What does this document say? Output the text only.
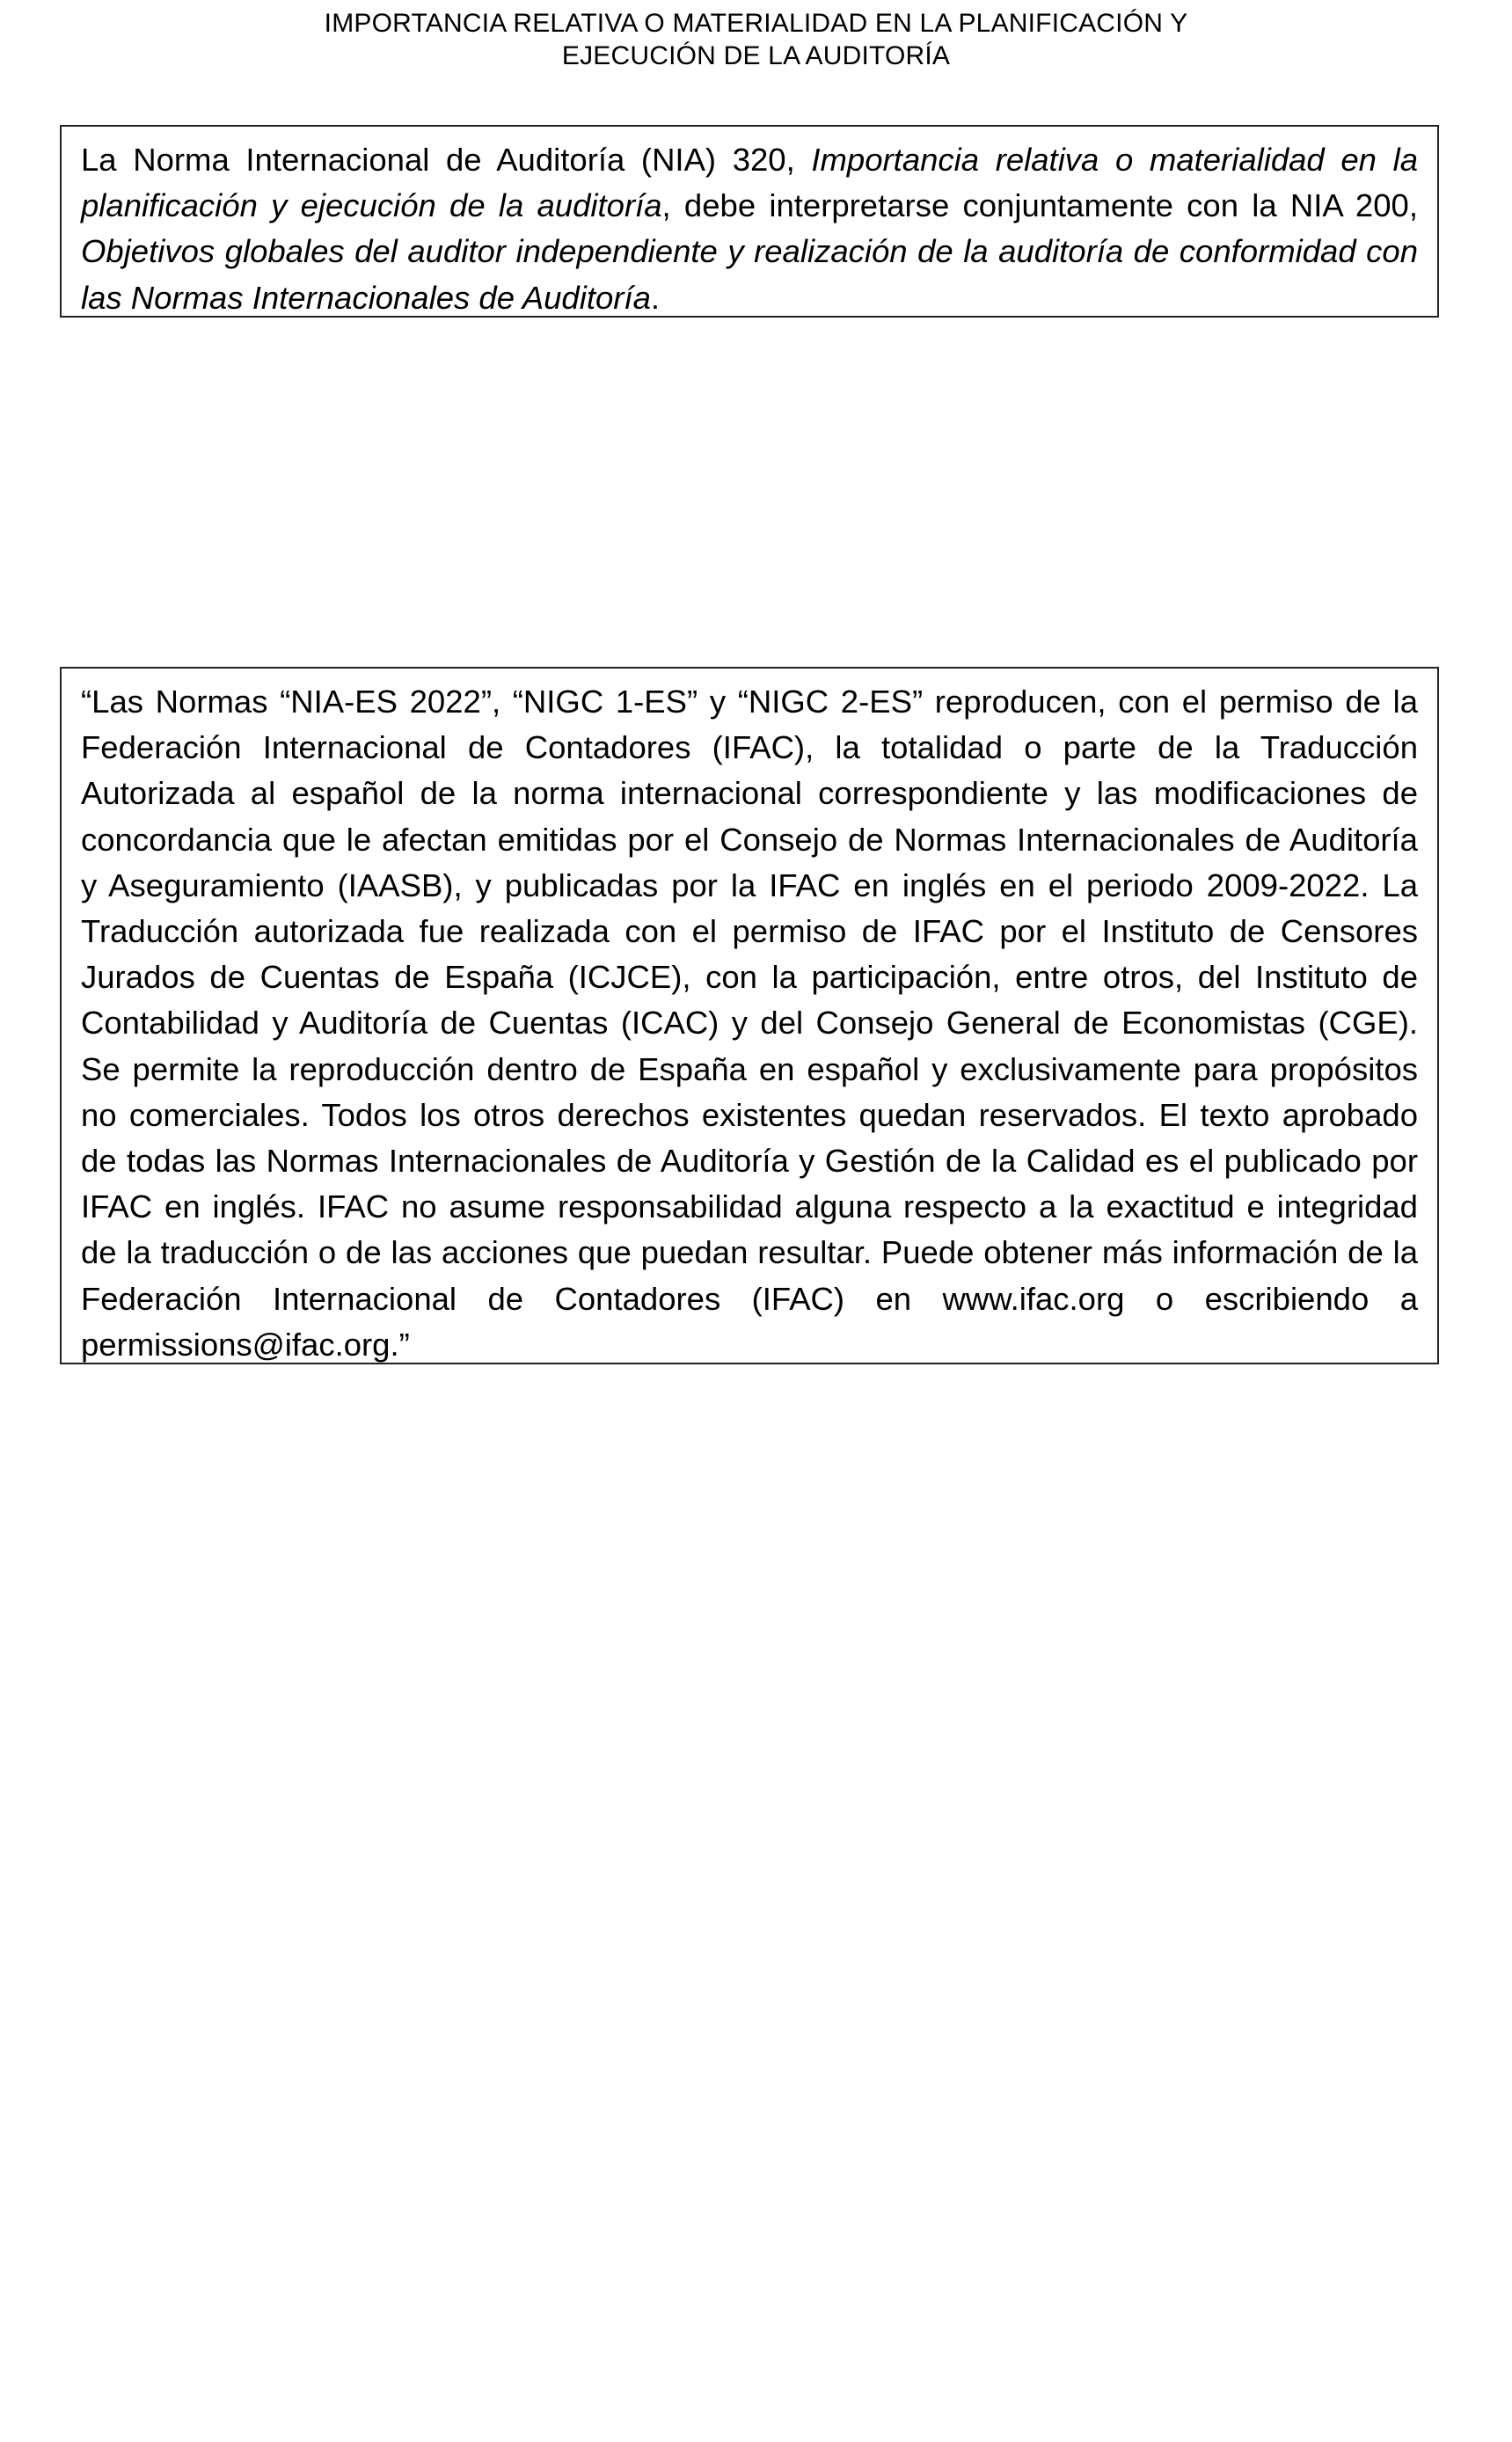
IMPORTANCIA RELATIVA O MATERIALIDAD EN LA PLANIFICACIÓN Y
EJECUCIÓN DE LA AUDITORÍA

La Norma Internacional de Auditoría (NIA) 320, Importancia relativa o materialidad en la planificación y ejecución de la auditoría, debe interpretarse conjuntamente con la NIA 200, Objetivos globales del auditor independiente y realización de la auditoría de conformidad con las Normas Internacionales de Auditoría.

“Las Normas “NIA-ES 2022”, “NIGC 1-ES” y “NIGC 2-ES” reproducen, con el permiso de la Federación Internacional de Contadores (IFAC), la totalidad o parte de la Traducción Autorizada al español de la norma internacional correspondiente y las modificaciones de concordancia que le afectan emitidas por el Consejo de Normas Internacionales de Auditoría y Aseguramiento (IAASB), y publicadas por la IFAC en inglés en el periodo 2009-2022. La Traducción autorizada fue realizada con el permiso de IFAC por el Instituto de Censores Jurados de Cuentas de España (ICJCE), con la participación, entre otros, del Instituto de Contabilidad y Auditoría de Cuentas (ICAC) y del Consejo General de Economistas (CGE). Se permite la reproducción dentro de España en español y exclusivamente para propósitos no comerciales. Todos los otros derechos existentes quedan reservados. El texto aprobado de todas las Normas Internacionales de Auditoría y Gestión de la Calidad es el publicado por IFAC en inglés. IFAC no asume responsabilidad alguna respecto a la exactitud e integridad de la traducción o de las acciones que puedan resultar. Puede obtener más información de la Federación Internacional de Contadores (IFAC) en www.ifac.org o escribiendo a permissions@ifac.org.”
